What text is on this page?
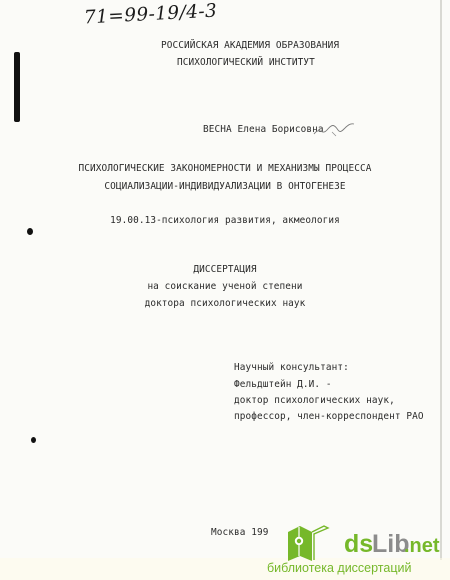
71=99-19/4-3
РОССИЙСКАЯ АКАДЕМИЯ ОБРАЗОВАНИЯ
ПСИХОЛОГИЧЕСКИЙ ИНСТИТУТ
ВЕСНА Елена Борисовна
ПСИХОЛОГИЧЕСКИЕ ЗАКОНОМЕРНОСТИ И МЕХАНИЗМЫ ПРОЦЕССА
СОЦИАЛИЗАЦИИ-ИНДИВИДУАЛИЗАЦИИ В ОНТОГЕНЕЗЕ
19.00.13-психология развития, акмеология
ДИССЕРТАЦИЯ
на соискание ученой степени
доктора психологических наук
Научный консультант:
Фельдштейн Д.И. -
доктор психологических наук,
профессор, член-корреспондент РАО
Москва 199	ds
Lib
.net
библиотека диссертаций
